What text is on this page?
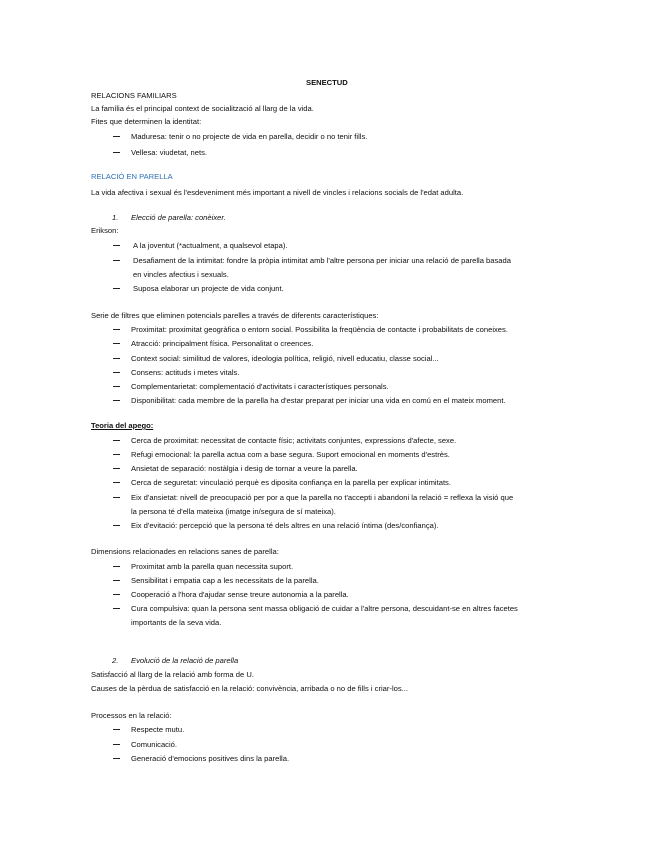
SENECTUD
RELACIONS FAMILIARS
La família és el principal context de socialització al llarg de la vida.
Fites que determinen la identitat:
Maduresa: tenir o no projecte de vida en parella, decidir o no tenir fills.
Vellesa: viudetat, nets.
RELACIÓ EN PARELLA
La vida afectiva i sexual és l'esdeveniment més important a nivell de vincles i relacions socials de l'edat adulta.
1. Elecció de parella: conèixer.
Erikson:
A la joventut (*actualment, a qualsevol etapa).
Desafiament de la intimitat: fondre la pròpia intimitat amb l'altre persona per iniciar una relació de parella basada
en vincles afectius i sexuals.
Suposa elaborar un projecte de vida conjunt.
Serie de filtres que eliminen potencials parelles a través de diferents característiques:
Proximitat: proximitat geogràfica o entorn social. Possibilita la freqüència de contacte i probabilitats de coneixes.
Atracció: principalment física. Personalitat o creences.
Context social: similitud de valores, ideologia política, religió, nivell educatiu, classe social...
Consens: actituds i metes vitals.
Complementarietat: complementació d'activitats i característiques personals.
Disponibilitat: cada membre de la parella ha d'estar preparat per iniciar una vida en comú en el mateix moment.
Teoria del apego:
Cerca de proximitat: necessitat de contacte físic; activitats conjuntes, expressions d'afecte, sexe.
Refugi emocional: la parella actua com a base segura. Suport emocional en moments d'estrès.
Ansietat de separació: nostàlgia i desig de tornar a veure la parella.
Cerca de seguretat: vinculació perquè es diposita confiança en la parella per explicar intimitats.
Eix d'ansietat: nivell de preocupació per por a que la parella no t'accepti i abandoni la relació = reflexa la visió que
la persona té d'ella mateixa (imatge in/segura de sí mateixa).
Eix d'evitació: percepció que la persona té dels altres en una relació íntima (des/confiança).
Dimensions relacionades en relacions sanes de parella:
Proximitat amb la parella quan necessita suport.
Sensibilitat i empatia cap a les necessitats de la parella.
Cooperació a l'hora d'ajudar sense treure autonomia a la parella.
Cura compulsiva: quan la persona sent massa obligació de cuidar a l'altre persona, descuidant-se en altres facetes
importants de la seva vida.
2. Evolució de la relació de parella
Satisfacció al llarg de la relació amb forma de U.
Causes de la pèrdua de satisfacció en la relació: convivència, arribada o no de fills i criar-los...
Processos en la relació:
Respecte mutu.
Comunicació.
Generació d'emocions positives dins la parella.
